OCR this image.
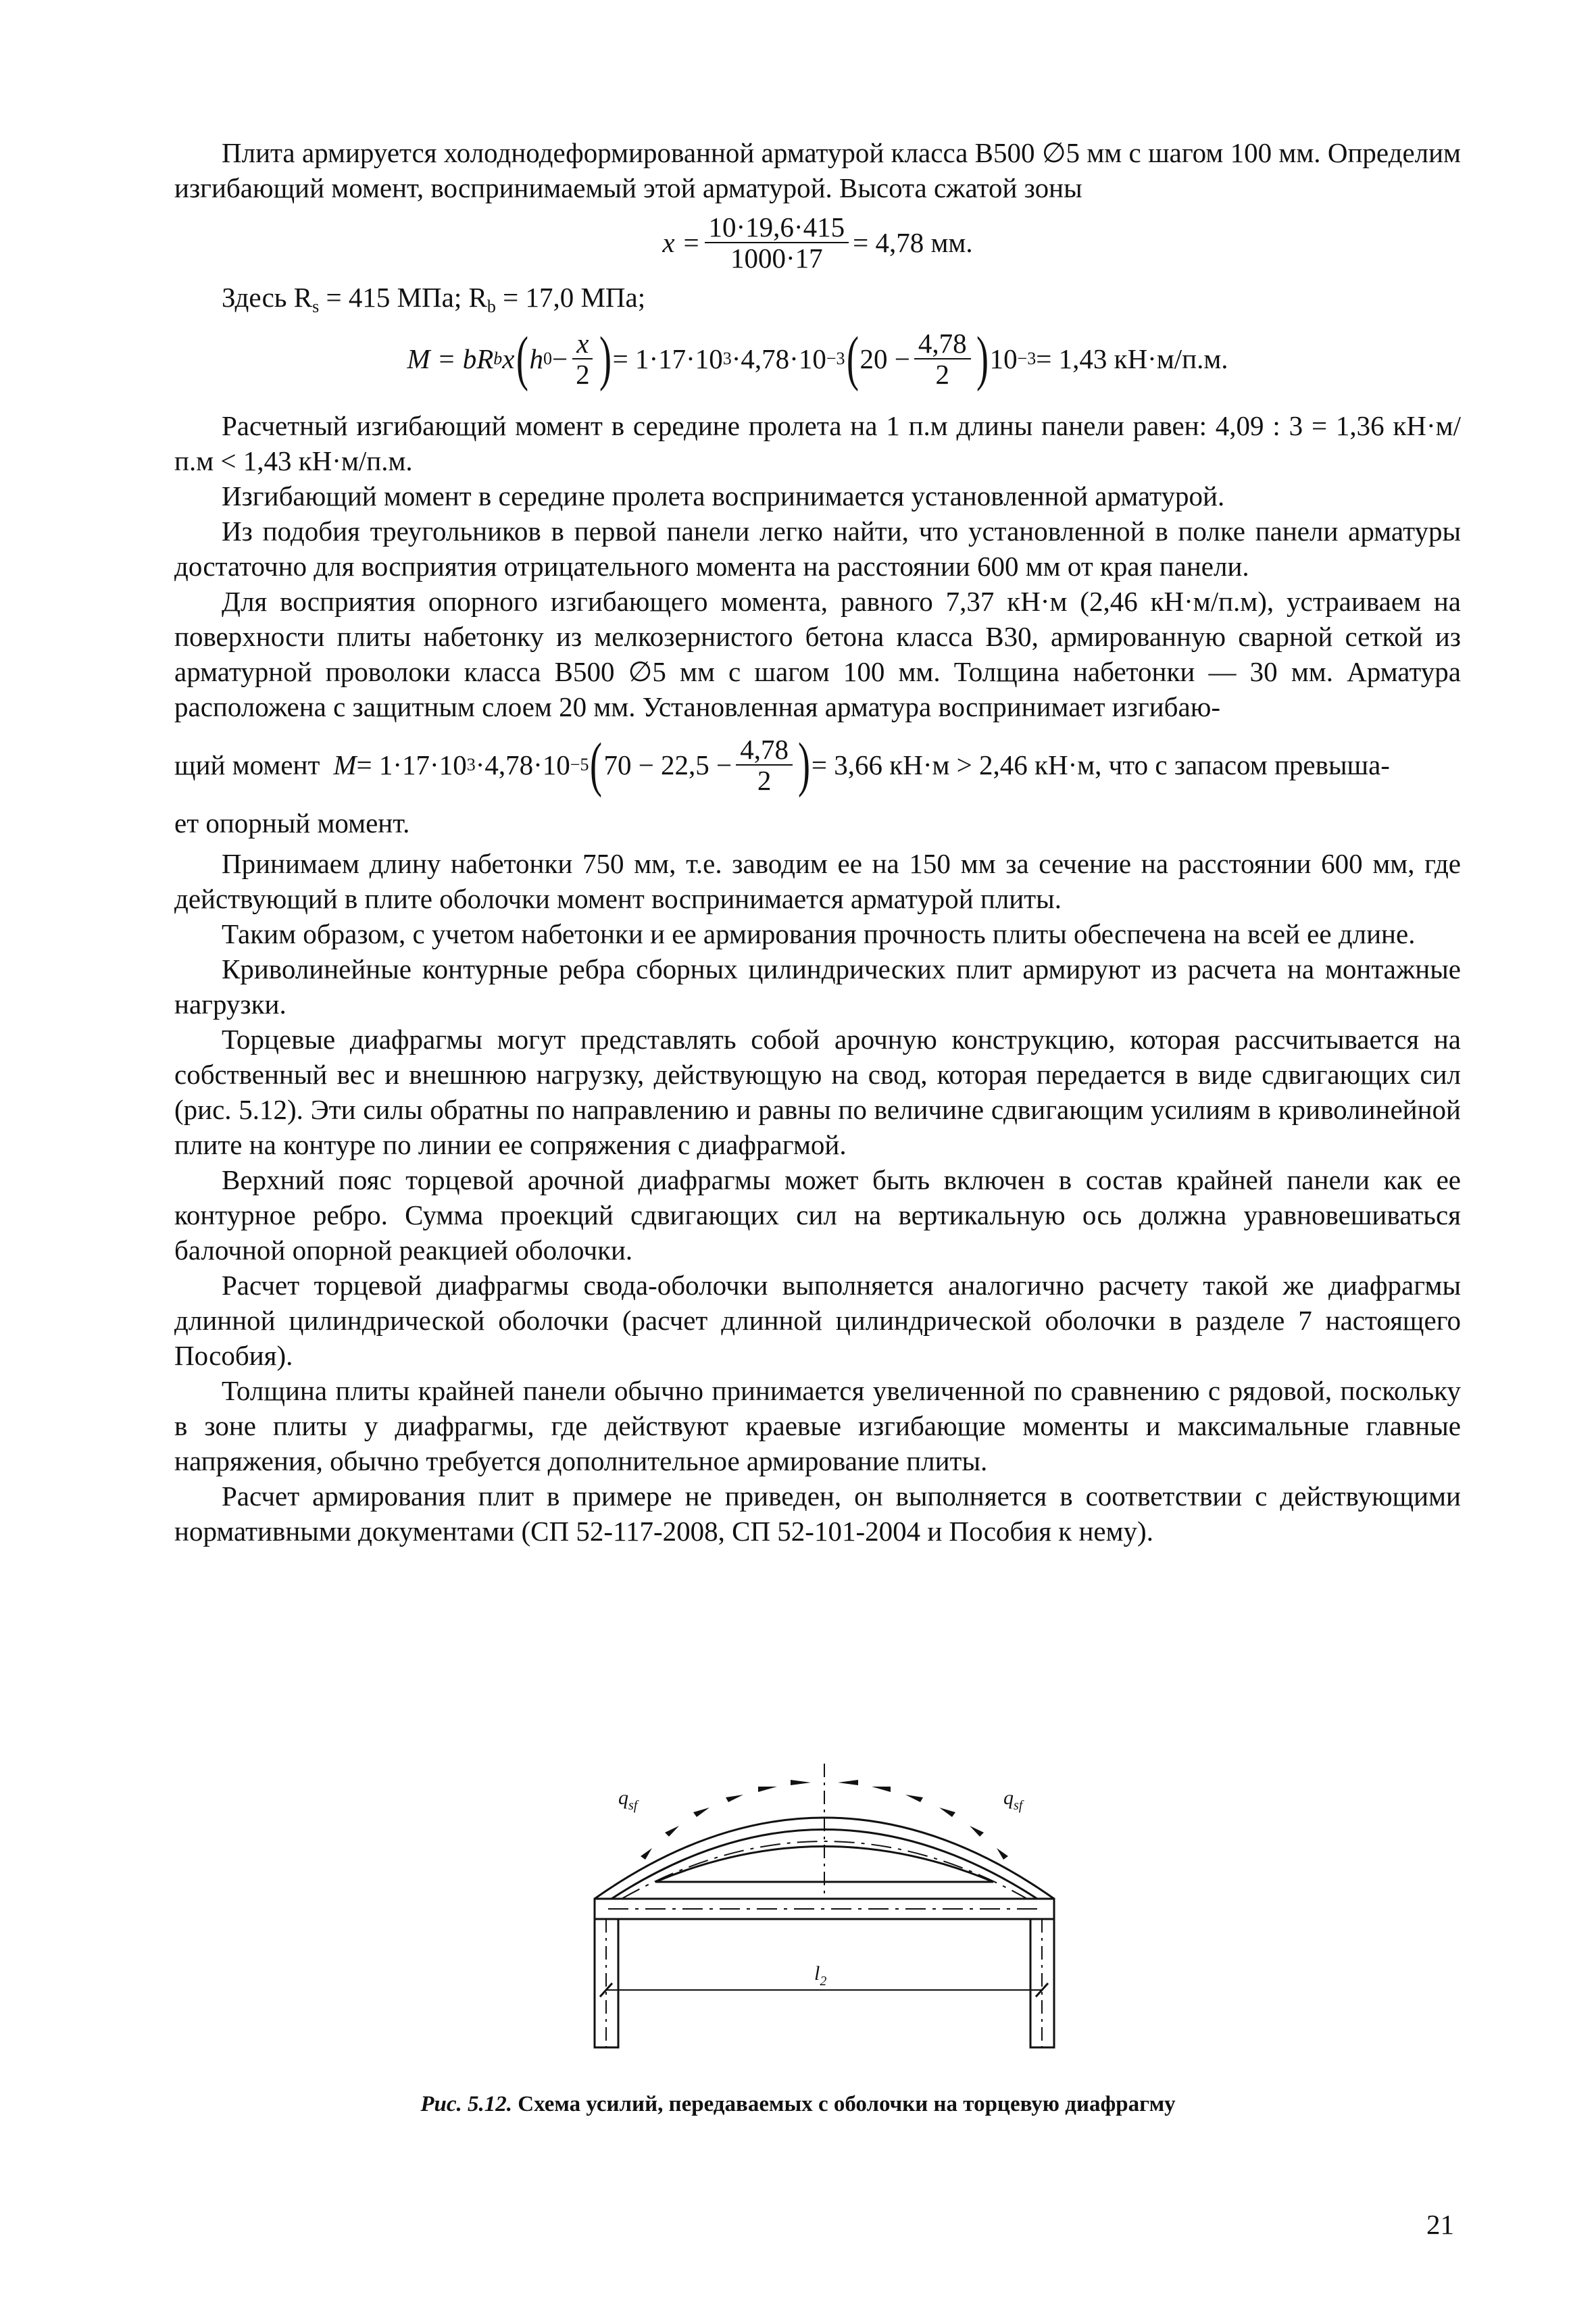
Плита армируется холоднодеформированной арматурой класса В500 ∅5 мм с шагом 100 мм. Определим изгибающий момент, воспринимаемый этой арматурой. Высота сжатой зоны

$x = \frac{10\cdot 19,6\cdot 415}{1000\cdot 17} = 4,78$ мм.

Здесь $R_s = 415$ МПа; $R_b = 17,0$ МПа;

M = bR b x ( h $0 - \frac{x}{2}$ ) = 1·17·10 3 ·4,78·10 −3 ( $20 - \frac{4,78}{2}$ ) 10 −3 = 1,43 кН·м/п.м.

Расчетный изгибающий момент в середине пролета на 1 п.м длины панели равен: 4,09 : 3 = 1,36 кН·м/п.м < 1,43 кН·м/п.м.

Изгибающий момент в середине пролета воспринимается установленной арматурой.

Из подобия треугольников в первой панели легко найти, что установленной в полке панели арматуры достаточно для восприятия отрицательного момента на расстоянии 600 мм от края панели.

Для восприятия опорного изгибающего момента, равного 7,37 кН·м (2,46 кН·м/п.м), устраиваем на поверхности плиты набетонку из мелкозернистого бетона класса В30, армированную сварной сеткой из арматурной проволоки класса В500 ∅5 мм с шагом 100 мм. Толщина набетонки — 30 мм. Арматура расположена с защитным слоем 20 мм. Установленная арматура воспринимает изгибаю-

щий момент M = 1·17·10 3 ·4,78·10 −5 ( $70 - 22,5 - \frac{4,78}{2}$ ) = 3,66 кН·м > 2,46 кН·м, что с запасом превыша-

ет опорный момент.

Принимаем длину набетонки 750 мм, т.е. заводим ее на 150 мм за сечение на расстоянии 600 мм, где действующий в плите оболочки момент воспринимается арматурой плиты.

Таким образом, с учетом набетонки и ее армирования прочность плиты обеспечена на всей ее длине.

Криволинейные контурные ребра сборных цилиндрических плит армируют из расчета на монтажные нагрузки.

Торцевые диафрагмы могут представлять собой арочную конструкцию, которая рассчитывается на собственный вес и внешнюю нагрузку, действующую на свод, которая передается в виде сдвигающих сил (рис. 5.12). Эти силы обратны по направлению и равны по величине сдвигающим усилиям в криволинейной плите на контуре по линии ее сопряжения с диафрагмой.

Верхний пояс торцевой арочной диафрагмы может быть включен в состав крайней панели как ее контурное ребро. Сумма проекций сдвигающих сил на вертикальную ось должна уравновешиваться балочной опорной реакцией оболочки.

Расчет торцевой диафрагмы свода-оболочки выполняется аналогично расчету такой же диафрагмы длинной цилиндрической оболочки (расчет длинной цилиндрической оболочки в разделе 7 настоящего Пособия).

Толщина плиты крайней панели обычно принимается увеличенной по сравнению с рядовой, поскольку в зоне плиты у диафрагмы, где действуют краевые изгибающие моменты и максимальные главные напряжения, обычно требуется дополнительное армирование плиты.

Расчет армирования плит в примере не приведен, он выполняется в соответствии с действующими нормативными документами (СП 52-117-2008, СП 52-101-2004 и Пособия к нему).

$q_{sf}$	$q_{sf}$
$l_2$
Рис. 5.12. Схема усилий, передаваемых с оболочки на торцевую диафрагму
21
